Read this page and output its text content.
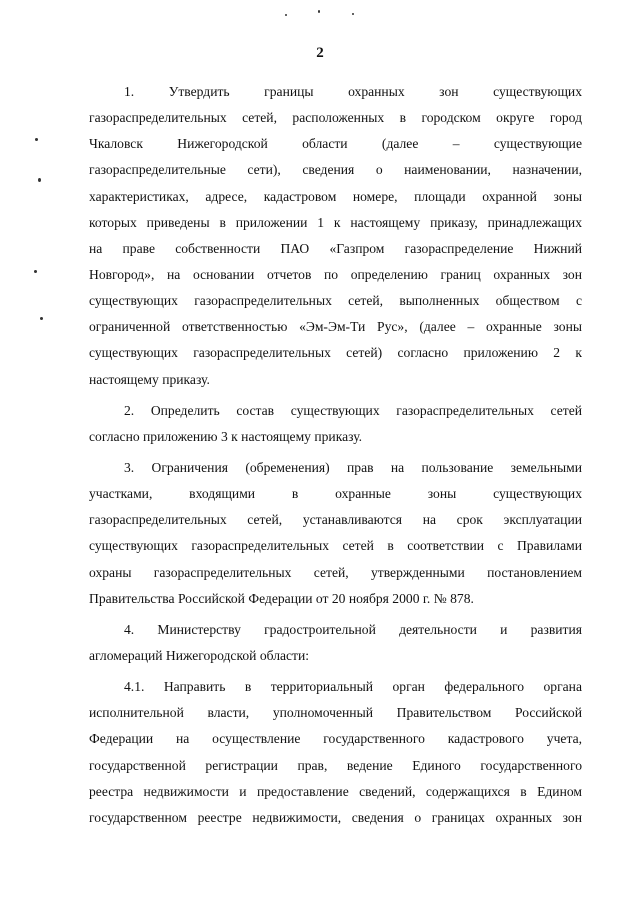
2
1. Утвердить границы охранных зон существующих
газораспределительных сетей, расположенных в городском округе город
Чкаловск Нижегородской области (далее – существующие
газораспределительные сети), сведения о наименовании, назначении,
характеристиках, адресе, кадастровом номере, площади охранной зоны
которых приведены в приложении 1 к настоящему приказу, принадлежащих
на праве собственности ПАО «Газпром газораспределение Нижний
Новгород», на основании отчетов по определению границ охранных зон
существующих газораспределительных сетей, выполненных обществом с
ограниченной ответственностью «Эм-Эм-Ти Рус», (далее – охранные зоны
существующих газораспределительных сетей) согласно приложению 2 к
настоящему приказу.
2. Определить состав существующих газораспределительных сетей
согласно приложению 3 к настоящему приказу.
3. Ограничения (обременения) прав на пользование земельными
участками, входящими в охранные зоны существующих
газораспределительных сетей, устанавливаются на срок эксплуатации
существующих газораспределительных сетей в соответствии с Правилами
охраны газораспределительных сетей, утвержденными постановлением
Правительства Российской Федерации от 20 ноября 2000 г. № 878.
4. Министерству градостроительной деятельности и развития
агломераций Нижегородской области:
4.1. Направить в территориальный орган федерального органа
исполнительной власти, уполномоченный Правительством Российской
Федерации на осуществление государственного кадастрового учета,
государственной регистрации прав, ведение Единого государственного
реестра недвижимости и предоставление сведений, содержащихся в Едином
государственном реестре недвижимости, сведения о границах охранных зон
